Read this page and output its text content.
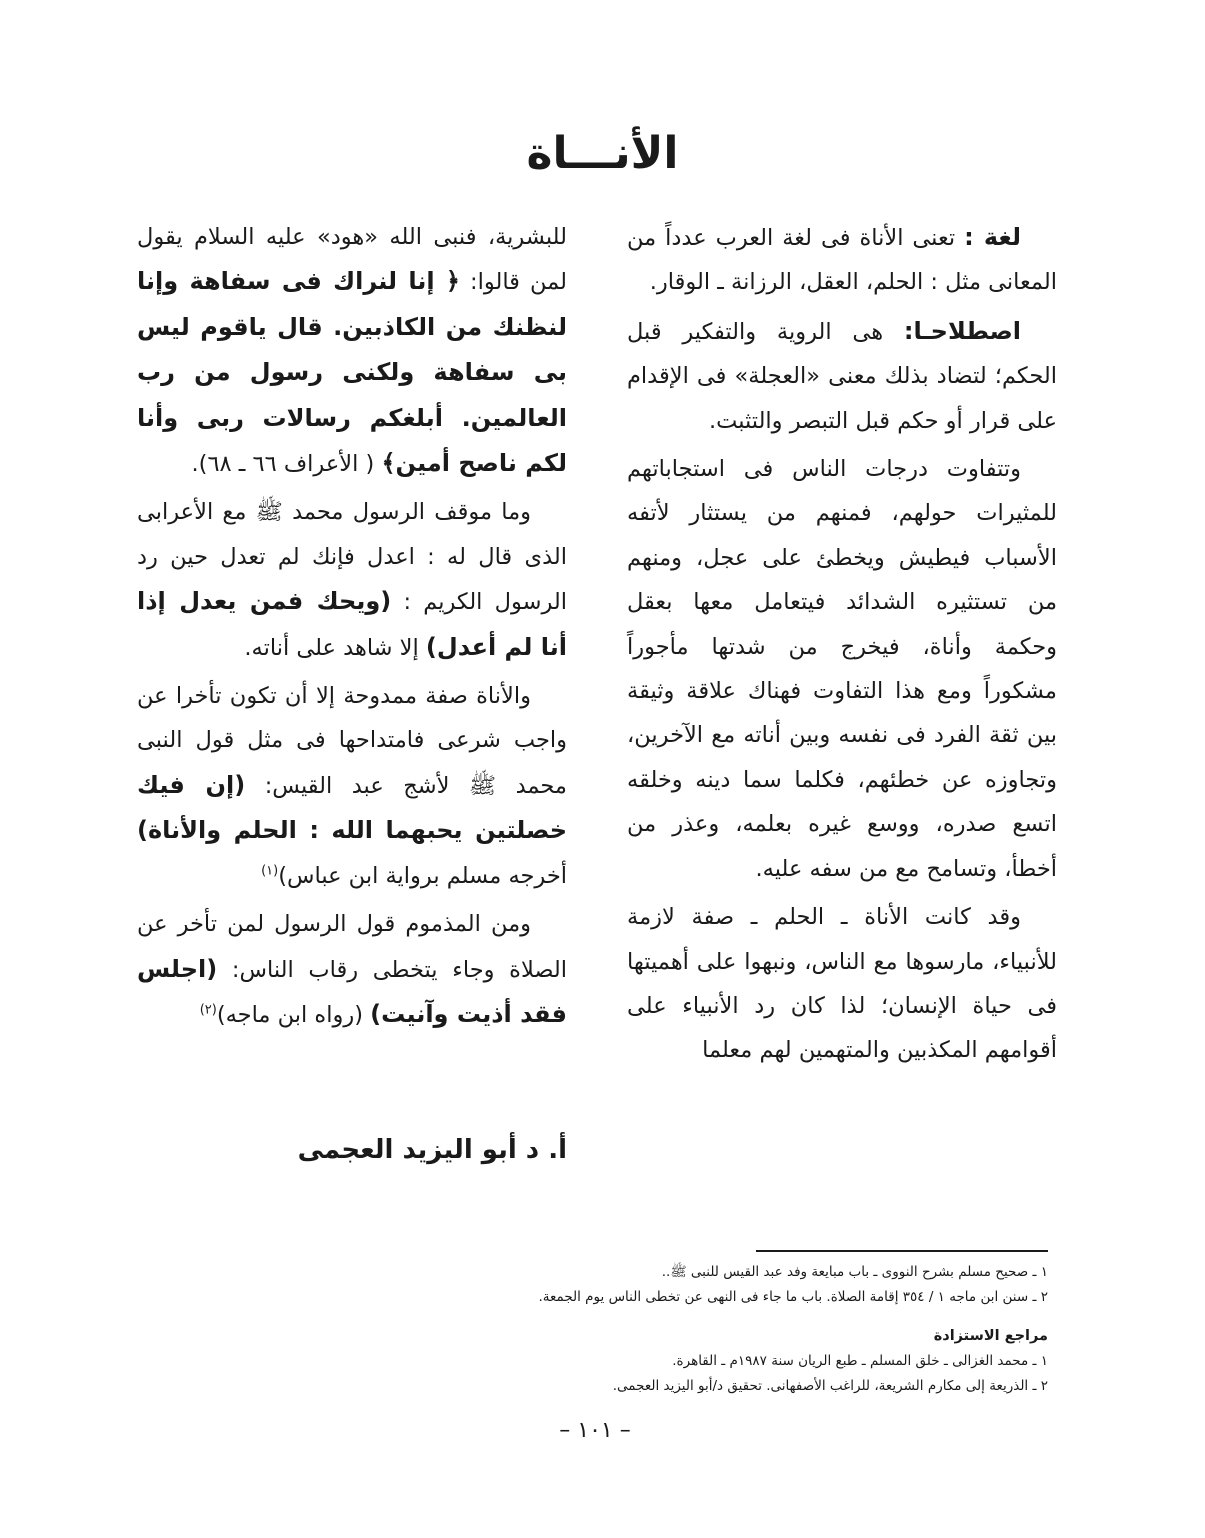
الأنـــاة

لغة : تعنى الأناة فى لغة العرب عدداً من المعانى مثل : الحلم، العقل، الرزانة ـ الوقار.

اصطلاحـا: هى الروية والتفكير قبل الحكم؛ لتضاد بذلك معنى «العجلة» فى الإقدام على قرار أو حكم قبل التبصر والتثبت.

وتتفاوت درجات الناس فى استجاباتهم للمثيرات حولهم، فمنهم من يستثار لأتفه الأسباب فيطيش ويخطئ على عجل، ومنهم من تستثيره الشدائد فيتعامل معها بعقل وحكمة وأناة، فيخرج من شدتها مأجوراً مشكوراً ومع هذا التفاوت فهناك علاقة وثيقة بين ثقة الفرد فى نفسه وبين أناته مع الآخرين، وتجاوزه عن خطئهم، فكلما سما دينه وخلقه اتسع صدره، ووسع غيره بعلمه، وعذر من أخطأ، وتسامح مع من سفه عليه.

وقد كانت الأناة ـ الحلم ـ صفة لازمة للأنبياء، مارسوها مع الناس، ونبهوا على أهميتها فى حياة الإنسان؛ لذا كان رد الأنبياء على أقوامهم المكذبين والمتهمين لهم معلما

للبشرية، فنبى الله «هود» عليه السلام يقول لمن قالوا: ﴿ إنا لنراك فى سفاهة وإنا لنظنك من الكاذبين. قال ياقوم ليس بى سفاهة ولكنى رسول من رب العالمين. أبلغكم رسالات ربى وأنا لكم ناصح أمين﴾ ( الأعراف ٦٦ ـ ٦٨).

وما موقف الرسول محمد ﷺ مع الأعرابى الذى قال له : اعدل فإنك لم تعدل حين رد الرسول الكريم : (ويحك فمن يعدل إذا أنا لم أعدل) إلا شاهد على أناته.

والأناة صفة ممدوحة إلا أن تكون تأخرا عن واجب شرعى فامتداحها فى مثل قول النبى محمد ﷺ لأشج عبد القيس: (إن فيك خصلتين يحبهما الله : الحلم والأناة) أخرجه مسلم برواية ابن عباس)$^{(١)}$

ومن المذموم قول الرسول لمن تأخر عن الصلاة وجاء يتخطى رقاب الناس: (اجلس فقد أذيت وآنيت) (رواه ابن ماجه)$^{(٢)}$

أ. د أبو اليزيد العجمى

١ ـ صحيح مسلم بشرح النووى ـ باب مبايعة وفد عبد القيس للنبى ﷺ..
٢ ـ سنن ابن ماجه ١ / ٣٥٤ إقامة الصلاة. باب ما جاء فى النهى عن تخطى الناس يوم الجمعة.
مراجع الاستزادة
١ ـ محمد الغزالى ـ خلق المسلم ـ طبع الريان سنة ١٩٨٧م ـ القاهرة.
٢ ـ الذريعة إلى مكارم الشريعة، للراغب الأصفهانى. تحقيق د/أبو اليزيد العجمى.

– ١٠١ –
